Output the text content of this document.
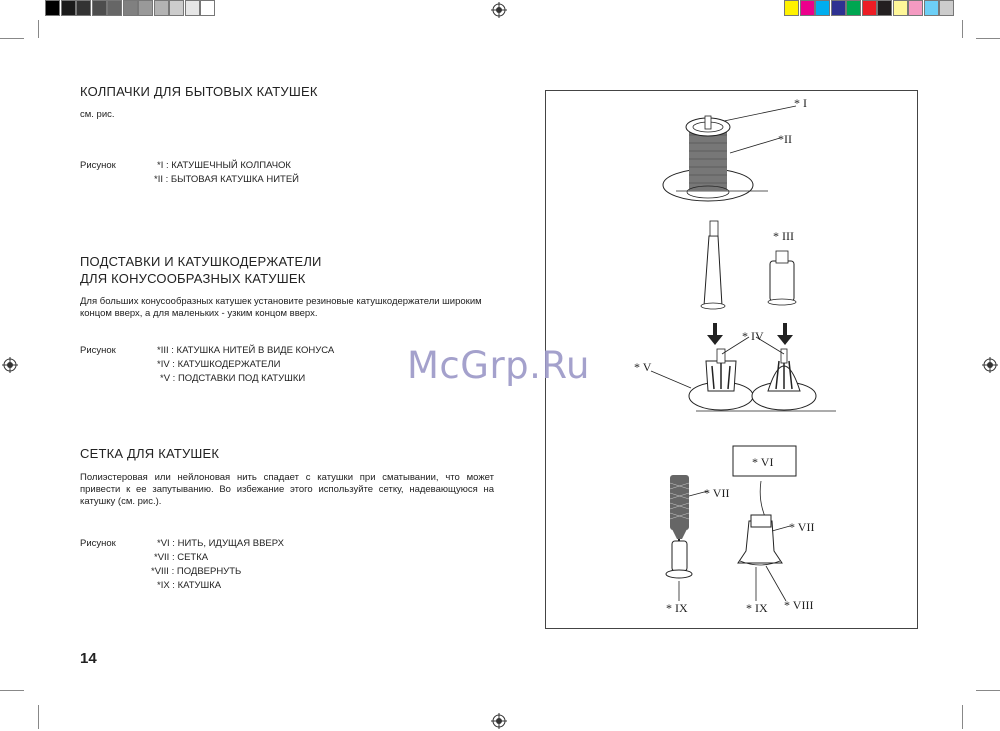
КОЛПАЧКИ ДЛЯ БЫТОВЫХ КАТУШЕК
см. рис.
Рисунок	*I : КАТУШЕЧНЫЙ КОЛПАЧОК
*II : БЫТОВАЯ КАТУШКА НИТЕЙ
ПОДСТАВКИ И КАТУШКОДЕРЖАТЕЛИ
ДЛЯ КОНУСООБРАЗНЫХ КАТУШЕК
Для больших конусообразных катушек установите резиновые катушкодержатели широким
концом вверх, а для маленьких - узким концом вверх.
Рисунок	*III : КАТУШКА НИТЕЙ В ВИДЕ КОНУСА
*IV : КАТУШКОДЕРЖАТЕЛИ
*V : ПОДСТАВКИ ПОД КАТУШКИ
СЕТКА ДЛЯ КАТУШЕК
Полиэстеровая или нейлоновая нить спадает с катушки при сматывании, что может
привести к ее запутыванию. Во избежание этого используйте сетку, надевающуюся на
катушку (см. рис.).
Рисунок	*VI : НИТЬ, ИДУЩАЯ ВВЕРХ
*VII : СЕТКА
*VIII : ПОДВЕРНУТЬ
*IX : КАТУШКА
14
* I
*II
* III
* IV
* V
* VI
* VII
* VII
* VIII
* IX	* IX
McGrp.Ru
